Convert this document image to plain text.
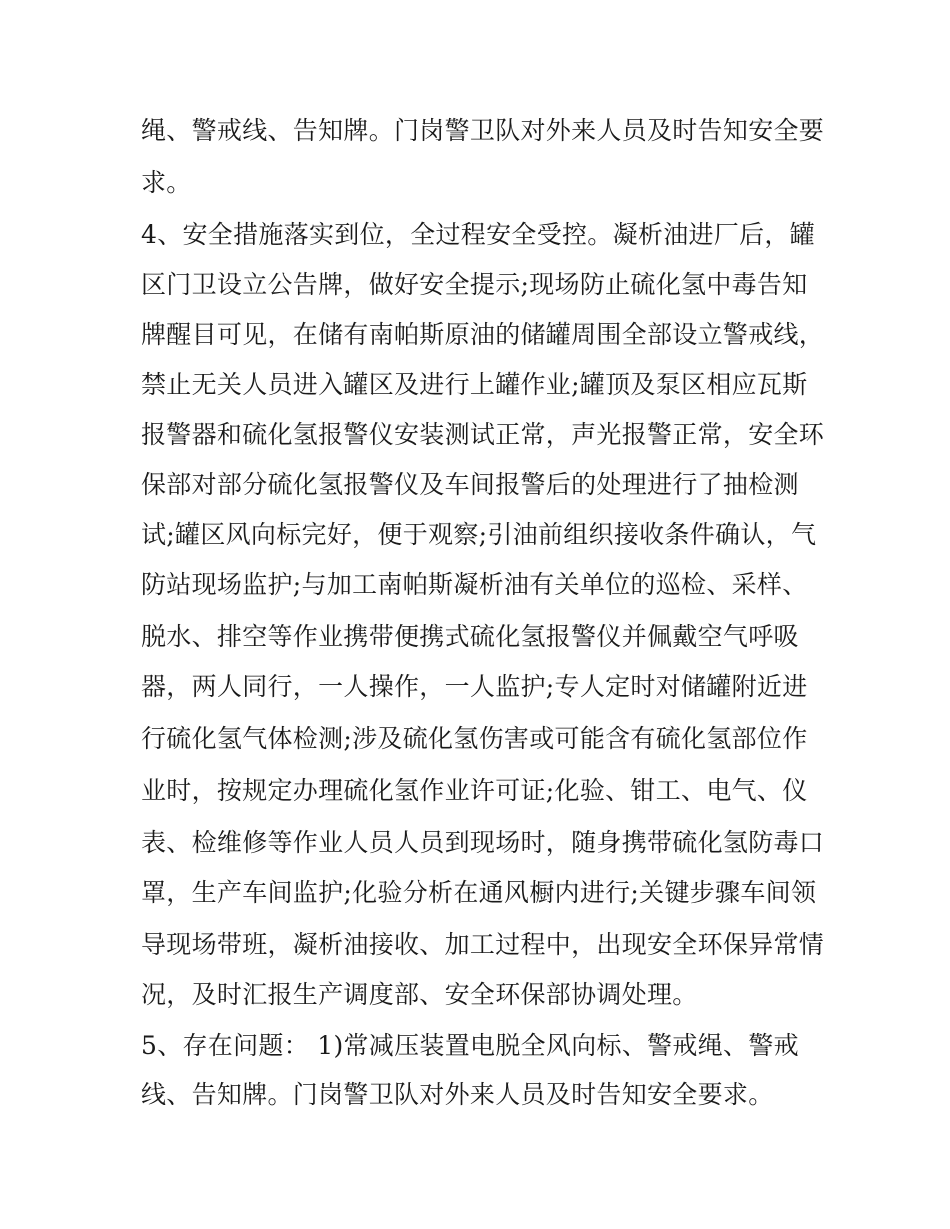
绳、警戒线、告知牌。门岗警卫队对外来人员及时告知安全要
求。
4、安全措施落实到位，全过程安全受控。凝析油进厂后，罐
区门卫设立公告牌，做好安全提示;现场防止硫化氢中毒告知
牌醒目可见，在储有南帕斯原油的储罐周围全部设立警戒线，
禁止无关人员进入罐区及进行上罐作业;罐顶及泵区相应瓦斯
报警器和硫化氢报警仪安装测试正常，声光报警正常，安全环
保部对部分硫化氢报警仪及车间报警后的处理进行了抽检测
试;罐区风向标完好，便于观察;引油前组织接收条件确认，气
防站现场监护;与加工南帕斯凝析油有关单位的巡检、采样、
脱水、排空等作业携带便携式硫化氢报警仪并佩戴空气呼吸
器，两人同行，一人操作，一人监护;专人定时对储罐附近进
行硫化氢气体检测;涉及硫化氢伤害或可能含有硫化氢部位作
业时，按规定办理硫化氢作业许可证;化验、钳工、电气、仪
表、检维修等作业人员人员到现场时，随身携带硫化氢防毒口
罩，生产车间监护;化验分析在通风橱内进行;关键步骤车间领
导现场带班，凝析油接收、加工过程中，出现安全环保异常情
况，及时汇报生产调度部、安全环保部协调处理。
5、存在问题： 1)常减压装置电脱全风向标、警戒绳、警戒
线、告知牌。门岗警卫队对外来人员及时告知安全要求。
